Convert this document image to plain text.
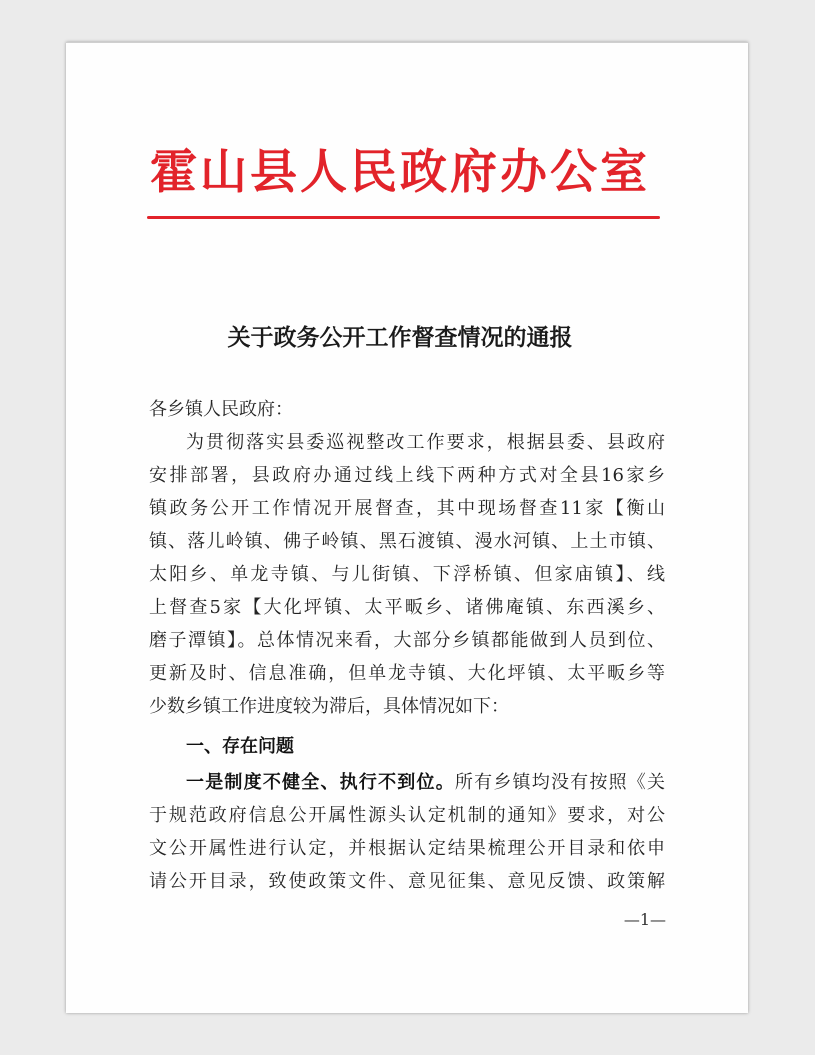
霍山县人民政府办公室
关于政务公开工作督查情况的通报
各乡镇人民政府：
为贯彻落实县委巡视整改工作要求，根据县委、县政府
安排部署，县政府办通过线上线下两种方式对全县16家乡
镇政务公开工作情况开展督查，其中现场督查11家【衡山
镇、落儿岭镇、佛子岭镇、黑石渡镇、漫水河镇、上土市镇、
太阳乡、单龙寺镇、与儿街镇、下浮桥镇、但家庙镇】、线
上督查5家【大化坪镇、太平畈乡、诸佛庵镇、东西溪乡、
磨子潭镇】。总体情况来看，大部分乡镇都能做到人员到位、
更新及时、信息准确，但单龙寺镇、大化坪镇、太平畈乡等
少数乡镇工作进度较为滞后，具体情况如下：
一、存在问题
一是制度不健全、执行不到位。所有乡镇均没有按照《关
于规范政府信息公开属性源头认定机制的通知》要求，对公
文公开属性进行认定，并根据认定结果梳理公开目录和依申
请公开目录，致使政策文件、意见征集、意见反馈、政策解
—1—
